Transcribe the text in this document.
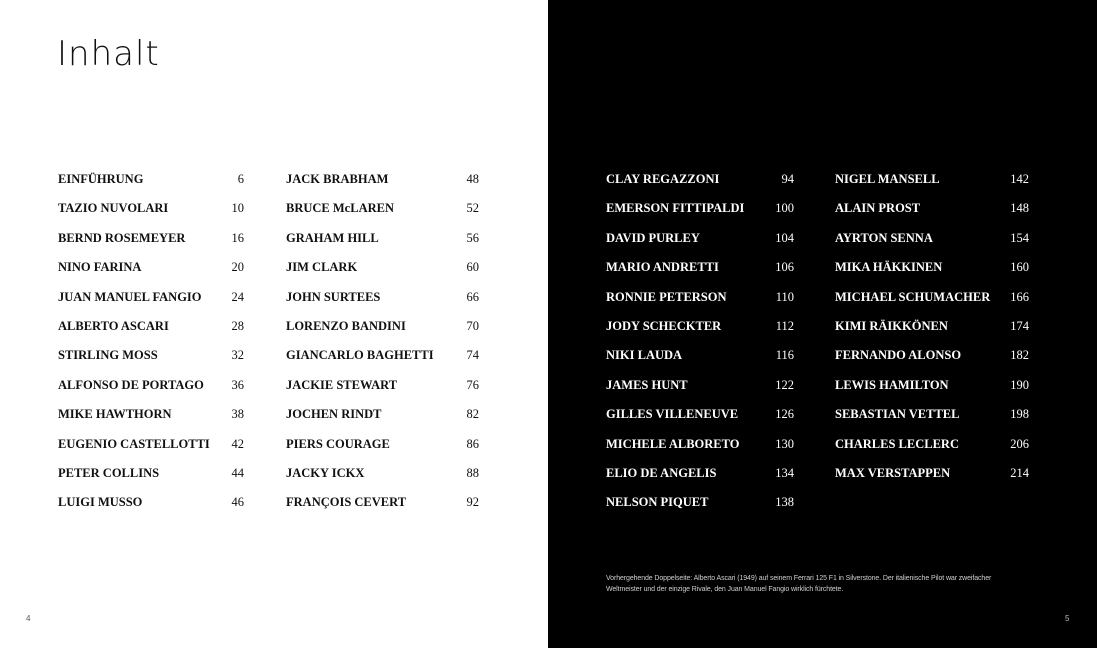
Inhalt
EINFÜHRUNG	6
TAZIO NUVOLARI	10
BERND ROSEMEYER	16
NINO FARINA	20
JUAN MANUEL FANGIO 24
ALBERTO ASCARI	28
STIRLING MOSS	32
ALFONSO DE PORTAGO 36
MIKE HAWTHORN	38
EUGENIO CASTELLOTTI 42
PETER COLLINS	44
LUIGI MUSSO	46
JACK BRABHAM	48
BRUCE McLAREN	52
GRAHAM HILL	56
JIM CLARK	60
JOHN SURTEES	66
LORENZO BANDINI	70
GIANCARLO BAGHETTI	74
JACKIE STEWART	76
JOCHEN RINDT	82
PIERS COURAGE	86
JACKY ICKX	88
FRANÇOIS CEVERT	92
4
CLAY REGAZZONI	94
EMERSON FITTIPALDI 100
DAVID PURLEY	104
MARIO ANDRETTI	106
RONNIE PETERSON	110
JODY SCHECKTER	112
NIKI LAUDA	116
JAMES HUNT	122
GILLES VILLENEUVE	126
MICHELE ALBORETO	130
ELIO DE ANGELIS	134
NELSON PIQUET	138
NIGEL MANSELL	142
ALAIN PROST	148
AYRTON SENNA	154
MIKA HÄKKINEN	160
MICHAEL SCHUMACHER 166
KIMI RÄIKKÖNEN	174
FERNANDO ALONSO	182
LEWIS HAMILTON	190
SEBASTIAN VETTEL	198
CHARLES LECLERC	206
MAX VERSTAPPEN	214
Vorhergehende Doppelseite: Alberto Ascari (1949) auf seinem Ferrari 125 F1 in Silverstone. Der italienische Pilot war zweifacher
Weltmeister und der einzige Rivale, den Juan Manuel Fangio wirklich fürchtete.
5
